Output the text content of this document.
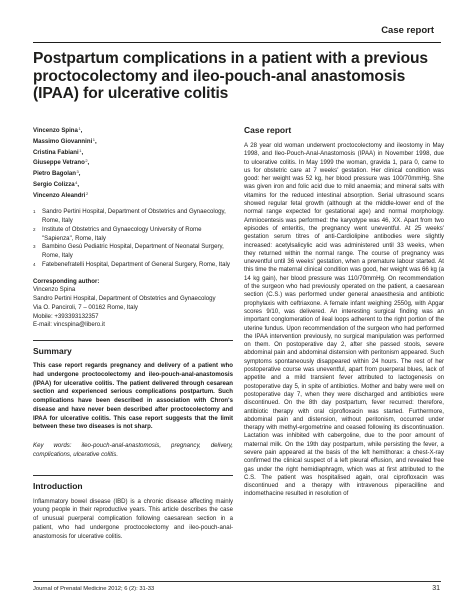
Case report
Postpartum complications in a patient with a previous proctocolectomy and ileo-pouch-anal anastomosis (IPAA) for ulcerative colitis
Vincenzo Spina$^1$,
Massimo Giovannini$^1$,
Cristina Fabiani$^1$,
Giuseppe Vetrano$^2$,
Pietro Bagolan$^3$,
Sergio Colizza$^4$,
Vincenzo Aleandri$^2$
1	Sandro Pertini Hospital, Department of Obstetrics and Gynaecology, Rome, Italy
2	Institute of Obstetrics and Gynaecology University of Rome "Sapienza", Rome, Italy
3	Bambino Gesù Pediatric Hospital, Department of Neonatal Surgery, Rome, Italy
4	Fatebenefratelli Hospital, Department of General Surgery, Rome, Italy
Corresponding author:
Vincenzo Spina
Sandro Pertini Hospital, Department of Obstetrics and Gynaecology
Via O. Panciroli, 7 – 00162 Rome, Italy
Mobile: +393393132357
E-mail: vincspina@libero.it
Summary

This case report regards pregnancy and delivery of a patient who had undergone proctocolectomy and ileo-pouch-anal-anastomosis (IPAA) for ulcerative colitis. The patient delivered through cesarean section and experienced serious complications postpartum. Such complications have been described in association with Chron's disease and have never been described after proctocolectomy and IPAA for ulcerative colitis. This case report suggests that the limit between these two diseases is not sharp.

Key words: ileo-pouch-anal-anastomosis, pregnancy, delivery, complications, ulcerative colitis.

Introduction

Inflammatory bowel disease (IBD) is a chronic disease affecting mainly young people in their reproductive years. This article describes the case of unusual puerperal complication following caesarean section in a patient, who had undergone proctocolectomy and ileo-pouch-anal-anastomosis for ulcerative colitis.

Case report

A 28 year old woman underwent proctocolectomy and ileostomy in May 1998, and Ileo-Pouch-Anal-Anastomosis (IPAA) in November 1998, due to ulcerative colitis. In May 1999 the woman, gravida 1, para 0, came to us for obstetric care at 7 weeks' gestation. Her clinical condition was good: her weight was 52 kg, her blood pressure was 100/70mmHg. She was given iron and folic acid due to mild anaemia; and mineral salts with vitamins for the reduced intestinal absorption. Serial ultrasound scans showed regular fetal growth (although at the middle-lower end of the normal range expected for gestational age) and normal morphology. Amniocentesis was performed: the karyotype was 46, XX. Apart from two episodes of enteritis, the pregnancy went uneventful. At 25 weeks' gestation serum titres of anti-Cardiolipine antibodies were slightly increased: acetylsalicylic acid was administered until 33 weeks, when they returned within the normal range. The course of pregnancy was uneventful until 36 weeks' gestation, when a premature labour started. At this time the maternal clinical condition was good, her weight was 66 kg (a 14 kg gain), her blood pressure was 110/70mmHg. On recommendation of the surgeon who had previously operated on the patient, a caesarean section (C.S.) was performed under general anaesthesia and antibiotic prophylaxis with ceftriaxone. A female infant weighing 2550g, with Apgar scores 9/10, was delivered. An interesting surgical finding was an important conglomeration of ileal loops adherent to the right portion of the uterine fundus. Upon recommendation of the surgeon who had performed the IPAA intervention previously, no surgical manipulation was performed on them. On postoperative day 2, after she passed stools, severe abdominal pain and abdominal distension with peritonism appeared. Such symptoms spontaneously disappeared within 24 hours. The rest of her postoperative course was uneventful, apart from puerperal blues, lack of appetite and a mild transient fever attributed to lactogenesis on postoperative day 5, in spite of antibiotics. Mother and baby were well on postoperative day 7, when they were discharged and antibiotics were discontinued. On the 8th day postpartum, fever recurred: therefore, antibiotic therapy with oral ciprofloxacin was started. Furthermore, abdominal pain and distension, without peritonism, occurred under therapy with methyl-ergometrine and ceased following its discontinuation. Lactation was inhibited with cabergoline, due to the poor amount of maternal milk. On the 19th day postpartum, while persisting the fever, a severe pain appeared at the basis of the left hemithorax: a chest-X-ray confirmed the clinical suspect of a left pleural effusion, and revealed free gas under the right hemidiaphragm, which was at first attributed to the C.S. The patient was hospitalised again, oral ciprofloxacin was discontinued and a therapy with intravenous piperacilline and indomethacine resulted in resolution of

Journal of Prenatal Medicine 2012; 6 (2): 31-33	31
